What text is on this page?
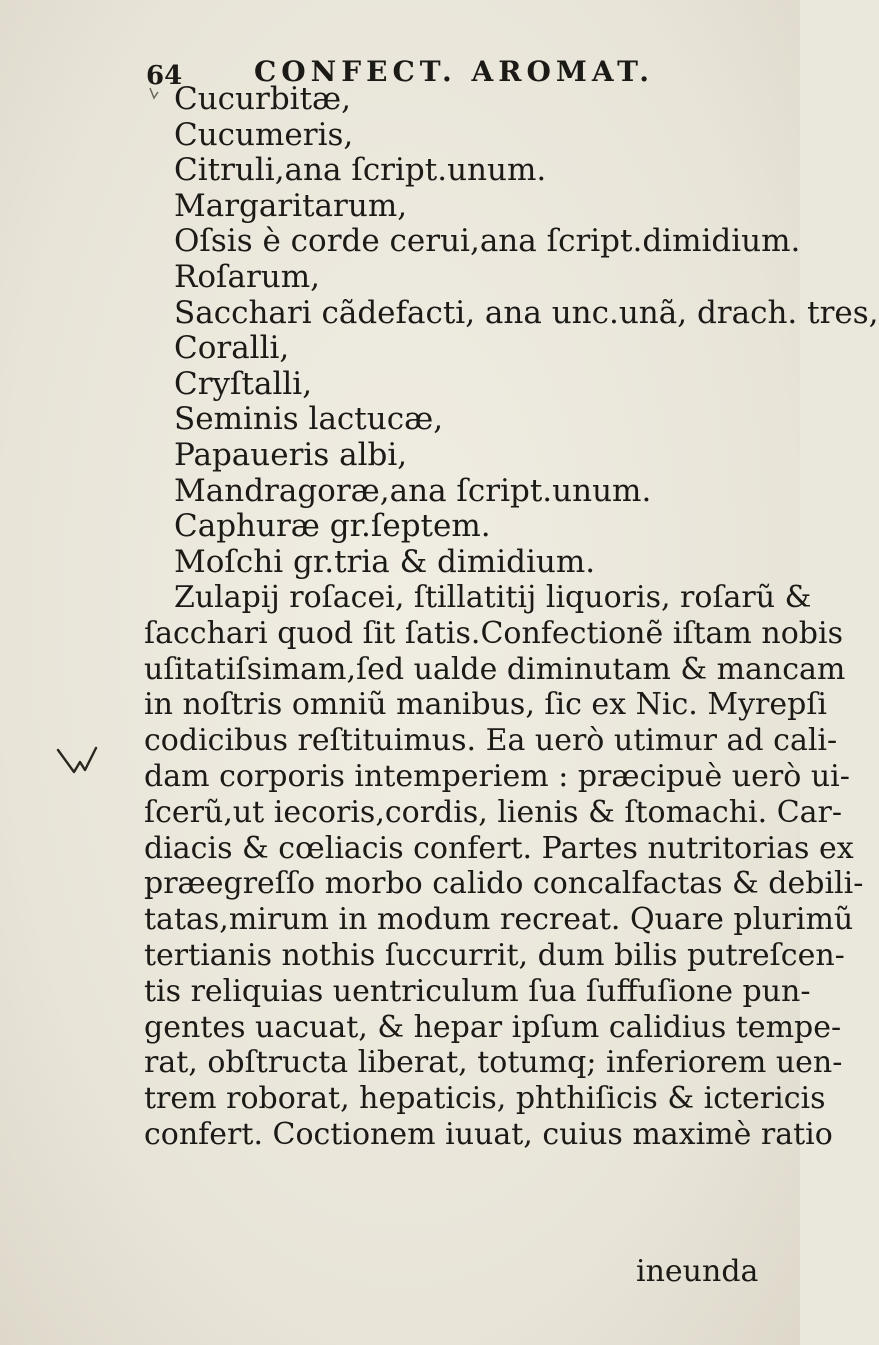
64	CONFECT. AROMAT.
Cucurbitæ,
Cucumeris,
Citruli,ana ſcript.unum.
Margaritarum,
Oſsis è corde cerui,ana ſcript.dimidium.
Roſarum,
Sacchari cãdefacti, ana unc.unã, drach. tres,
Coralli,
Cryſtalli,
Seminis lactucæ,
Papaueris albi,
Mandragoræ,ana ſcript.unum.
Caphuræ gr.ſeptem.
Moſchi gr.tria & dimidium.
Zulapij roſacei, ſtillatitij liquoris, roſarũ &
ſacchari quod ſit ſatis.Confectionẽ iſtam nobis
uſitatiſsimam,ſed ualde diminutam & mancam
in noſtris omniũ manibus, ſic ex Nic. Myrepſi
codicibus reſtituimus. Ea uerò utimur ad cali-
dam corporis intemperiem : præcipuè uerò ui-
ſcerũ,ut iecoris,cordis, lienis & ſtomachi. Car-
diacis & cœliacis confert. Partes nutritorias ex
præegreſſo morbo calido concalfactas & debili-
tatas,mirum in modum recreat. Quare plurimũ
tertianis nothis ſuccurrit, dum bilis putreſcen-
tis reliquias uentriculum ſua ſuffuſione pun-
gentes uacuat, & hepar ipſum calidius tempe-
rat, obſtructa liberat, totumq; inferiorem uen-
trem roborat, hepaticis, phthiſicis & ictericis
confert. Coctionem iuuat, cuius maximè ratio
ineunda
